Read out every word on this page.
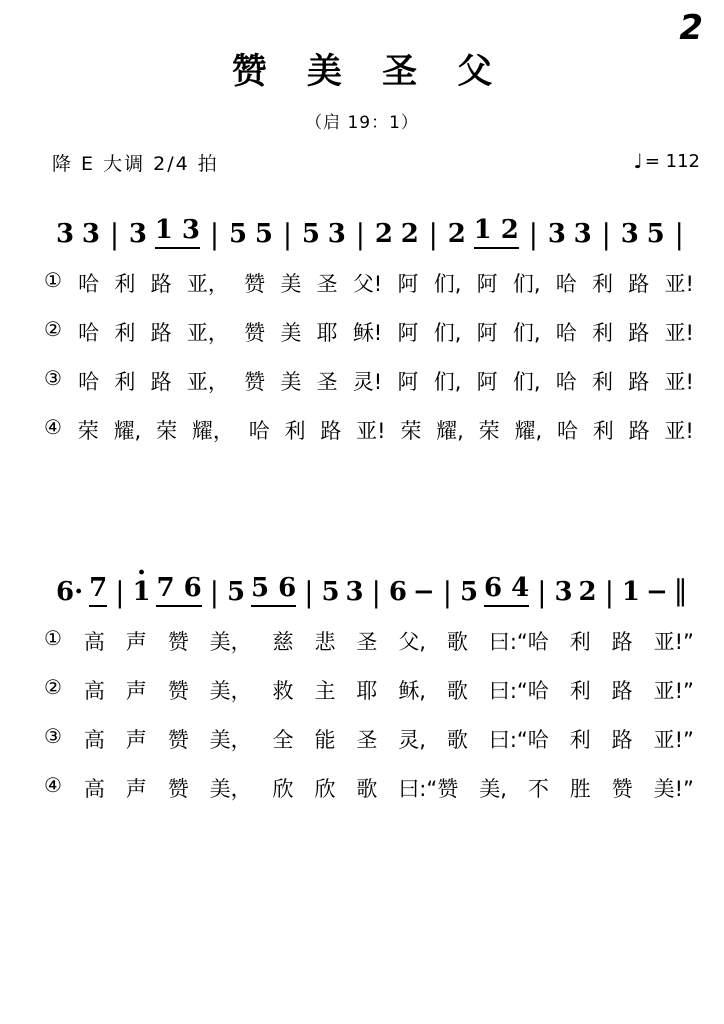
2
赞 美 圣 父
（启 19：1）
降 E 大调 2/4 拍	♩ = 112
3 3 | 3 1 3 | 5 5 | 5 3 | 2 2 | 2 1 2 | 3 3 | 3 5 |
① 哈 利 路 亚， 赞 美 圣 父! 阿 们, 阿 们, 哈 利 路 亚!
② 哈 利 路 亚， 赞 美 耶 稣! 阿 们, 阿 们, 哈 利 路 亚!
③ 哈 利 路 亚， 赞 美 圣 灵! 阿 们, 阿 们, 哈 利 路 亚!
④ 荣 耀, 荣 耀， 哈 利 路 亚! 荣 耀, 荣 耀, 哈 利 路 亚!
6· 7 | · 1 7 6 | 5 5 6 | 5 3 | 6 − | 5 6 4 | 3 2 | 1 − ‖
① 高 声 赞 美， 慈 悲 圣 父, 歌 曰:“哈 利 路 亚!”
② 高 声 赞 美， 救 主 耶 稣, 歌 曰:“哈 利 路 亚!”
③ 高 声 赞 美， 全 能 圣 灵, 歌 曰:“哈 利 路 亚!”
④ 高 声 赞 美， 欣 欣 歌 曰:“赞 美, 不 胜 赞 美!”
